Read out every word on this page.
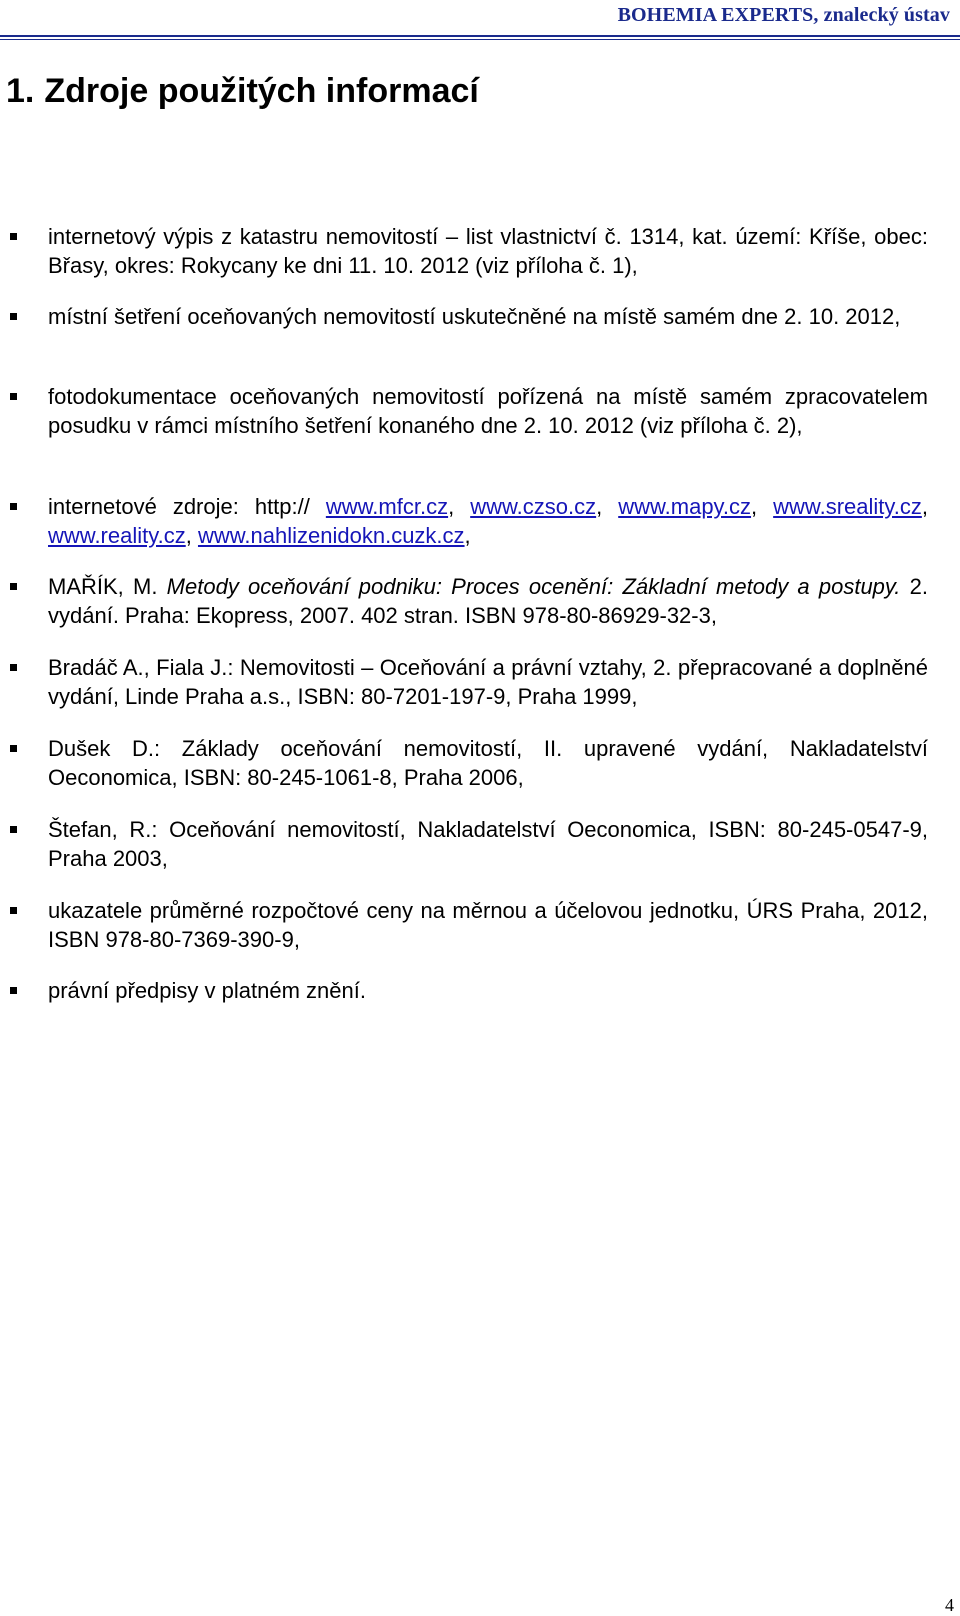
BOHEMIA EXPERTS, znalecký ústav
1. Zdroje použitých informací
internetový výpis z katastru nemovitostí – list vlastnictví č. 1314, kat. území: Kříše, obec: Břasy, okres: Rokycany ke dni 11. 10. 2012 (viz příloha č. 1),
místní šetření oceňovaných nemovitostí uskutečněné na místě samém dne 2. 10. 2012,
fotodokumentace oceňovaných nemovitostí pořízená na místě samém zpracovatelem posudku v rámci místního šetření konaného dne 2. 10. 2012 (viz příloha č. 2),
internetové zdroje: http:// www.mfcr.cz, www.czso.cz, www.mapy.cz, www.sreality.cz, www.reality.cz, www.nahlizenidokn.cuzk.cz,
MAŘÍK, M. Metody oceňování podniku: Proces ocenění: Základní metody a postupy. 2. vydání. Praha: Ekopress, 2007. 402 stran. ISBN 978-80-86929-32-3,
Bradáč A., Fiala J.: Nemovitosti – Oceňování a právní vztahy, 2. přepracované a doplněné vydání, Linde Praha a.s., ISBN: 80-7201-197-9, Praha 1999,
Dušek D.: Základy oceňování nemovitostí, II. upravené vydání, Nakladatelství Oeconomica, ISBN: 80-245-1061-8, Praha 2006,
Štefan, R.: Oceňování nemovitostí, Nakladatelství Oeconomica, ISBN: 80-245-0547-9, Praha 2003,
ukazatele průměrné rozpočtové ceny na měrnou a účelovou jednotku, ÚRS Praha, 2012, ISBN 978-80-7369-390-9,
právní předpisy v platném znění.
4
